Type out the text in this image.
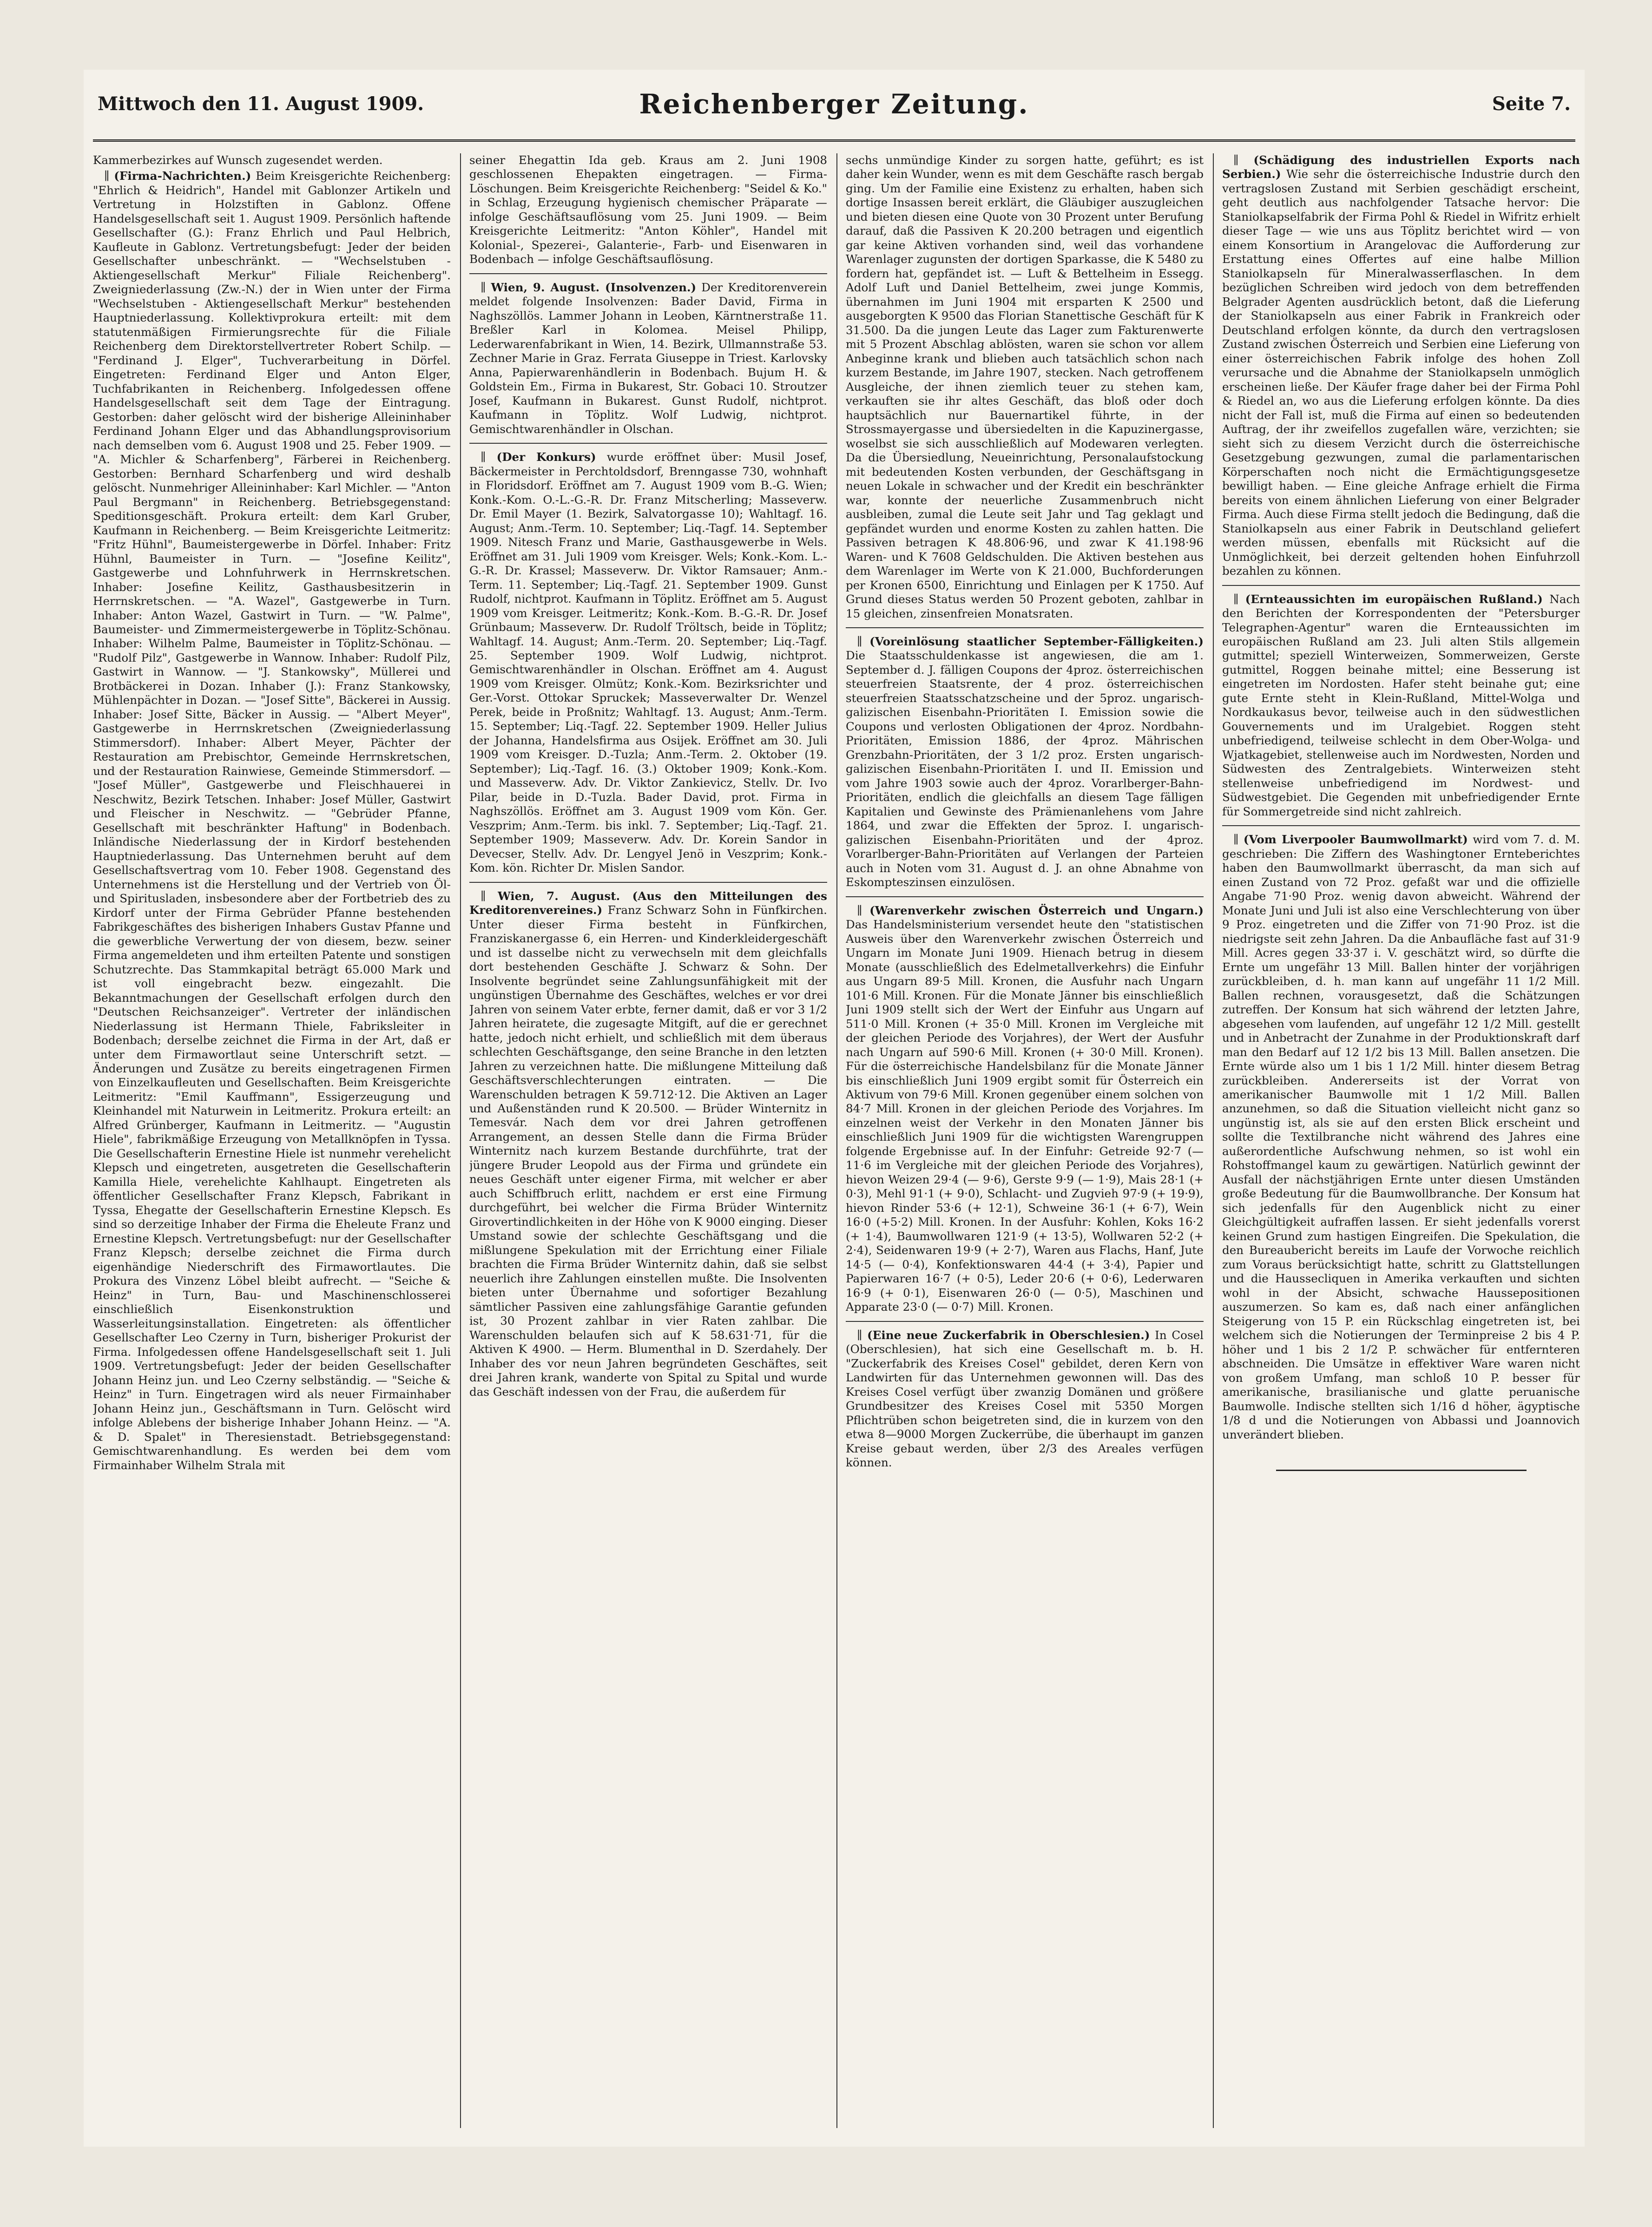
Mittwoch den 11. August 1909.	Reichenberger Zeitung.	Seite 7.

Kammerbezirkes auf Wunsch zugesendet werden.

∥ (Firma-Nachrichten.) Beim Kreisgerichte Reichenberg: "Ehrlich & Heidrich", Handel mit Gablonzer Artikeln und Vertretung in Holzstiften in Gablonz. Offene Handelsgesellschaft seit 1. August 1909. Persönlich haftende Gesellschafter (G.): Franz Ehrlich und Paul Helbrich, Kaufleute in Gablonz. Vertretungsbefugt: Jeder der beiden Gesellschafter unbeschränkt. — "Wechselstuben - Aktiengesellschaft Merkur" Filiale Reichenberg". Zweigniederlassung (Zw.-N.) der in Wien unter der Firma "Wechselstuben - Aktiengesellschaft Merkur" bestehenden Hauptniederlassung. Kollektivprokura erteilt: mit dem statutenmäßigen Firmierungsrechte für die Filiale Reichenberg dem Direktorstellvertreter Robert Schilp. — "Ferdinand J. Elger", Tuchverarbeitung in Dörfel. Eingetreten: Ferdinand Elger und Anton Elger, Tuchfabrikanten in Reichenberg. Infolgedessen offene Handelsgesellschaft seit dem Tage der Eintragung. Gestorben: daher gelöscht wird der bisherige Alleininhaber Ferdinand Johann Elger und das Abhandlungsprovisorium nach demselben vom 6. August 1908 und 25. Feber 1909. — "A. Michler & Scharfenberg", Färberei in Reichenberg. Gestorben: Bernhard Scharfenberg und wird deshalb gelöscht. Nunmehriger Alleininhaber: Karl Michler. — "Anton Paul Bergmann" in Reichenberg. Betriebsgegenstand: Speditionsgeschäft. Prokura erteilt: dem Karl Gruber, Kaufmann in Reichenberg. — Beim Kreisgerichte Leitmeritz: "Fritz Hühnl", Baumeistergewerbe in Dörfel. Inhaber: Fritz Hühnl, Baumeister in Turn. — "Josefine Keilitz", Gastgewerbe und Lohnfuhrwerk in Herrnskretschen. Inhaber: Josefine Keilitz, Gasthausbesitzerin in Herrnskretschen. — "A. Wazel", Gastgewerbe in Turn. Inhaber: Anton Wazel, Gastwirt in Turn. — "W. Palme", Baumeister- und Zimmermeistergewerbe in Töplitz-Schönau. Inhaber: Wilhelm Palme, Baumeister in Töplitz-Schönau. — "Rudolf Pilz", Gastgewerbe in Wannow. Inhaber: Rudolf Pilz, Gastwirt in Wannow. — "J. Stankowsky", Müllerei und Brotbäckerei in Dozan. Inhaber (J.): Franz Stankowsky, Mühlenpächter in Dozan. — "Josef Sitte", Bäckerei in Aussig. Inhaber: Josef Sitte, Bäcker in Aussig. — "Albert Meyer", Gastgewerbe in Herrnskretschen (Zweigniederlassung Stimmersdorf). Inhaber: Albert Meyer, Pächter der Restauration am Prebischtor, Gemeinde Herrnskretschen, und der Restauration Rainwiese, Gemeinde Stimmersdorf. — "Josef Müller", Gastgewerbe und Fleischhauerei in Neschwitz, Bezirk Tetschen. Inhaber: Josef Müller, Gastwirt und Fleischer in Neschwitz. — "Gebrüder Pfanne, Gesellschaft mit beschränkter Haftung" in Bodenbach. Inländische Niederlassung der in Kirdorf bestehenden Hauptniederlassung. Das Unternehmen beruht auf dem Gesellschaftsvertrag vom 10. Feber 1908. Gegenstand des Unternehmens ist die Herstellung und der Vertrieb von Öl- und Spiritusladen, insbesondere aber der Fortbetrieb des zu Kirdorf unter der Firma Gebrüder Pfanne bestehenden Fabrikgeschäftes des bisherigen Inhabers Gustav Pfanne und die gewerbliche Verwertung der von diesem, bezw. seiner Firma angemeldeten und ihm erteilten Patente und sonstigen Schutzrechte. Das Stammkapital beträgt 65.000 Mark und ist voll eingebracht bezw. eingezahlt. Die Bekanntmachungen der Gesellschaft erfolgen durch den "Deutschen Reichsanzeiger". Vertreter der inländischen Niederlassung ist Hermann Thiele, Fabriksleiter in Bodenbach; derselbe zeichnet die Firma in der Art, daß er unter dem Firmawortlaut seine Unterschrift setzt. — Änderungen und Zusätze zu bereits eingetragenen Firmen von Einzelkaufleuten und Gesellschaften. Beim Kreisgerichte Leitmeritz: "Emil Kauffmann", Essigerzeugung und Kleinhandel mit Naturwein in Leitmeritz. Prokura erteilt: an Alfred Grünberger, Kaufmann in Leitmeritz. — "Augustin Hiele", fabrikmäßige Erzeugung von Metallknöpfen in Tyssa. Die Gesellschafterin Ernestine Hiele ist nunmehr verehelicht Klepsch und eingetreten, ausgetreten die Gesellschafterin Kamilla Hiele, verehelichte Kahlhaupt. Eingetreten als öffentlicher Gesellschafter Franz Klepsch, Fabrikant in Tyssa, Ehegatte der Gesellschafterin Ernestine Klepsch. Es sind so derzeitige Inhaber der Firma die Eheleute Franz und Ernestine Klepsch. Vertretungsbefugt: nur der Gesellschafter Franz Klepsch; derselbe zeichnet die Firma durch eigenhändige Niederschrift des Firmawortlautes. Die Prokura des Vinzenz Löbel bleibt aufrecht. — "Seiche & Heinz" in Turn, Bau- und Maschinenschlosserei einschließlich Eisenkonstruktion und Wasserleitungsinstallation. Eingetreten: als öffentlicher Gesellschafter Leo Czerny in Turn, bisheriger Prokurist der Firma. Infolgedessen offene Handelsgesellschaft seit 1. Juli 1909. Vertretungsbefugt: Jeder der beiden Gesellschafter Johann Heinz jun. und Leo Czerny selbständig. — "Seiche & Heinz" in Turn. Eingetragen wird als neuer Firmainhaber Johann Heinz jun., Geschäftsmann in Turn. Gelöscht wird infolge Ablebens der bisherige Inhaber Johann Heinz. — "A. & D. Spalet" in Theresienstadt. Betriebsgegenstand: Gemischtwarenhandlung. Es werden bei dem vom Firmainhaber Wilhelm Strala mit

seiner Ehegattin Ida geb. Kraus am 2. Juni 1908 geschlossenen Ehepakten eingetragen. — Firma-Löschungen. Beim Kreisgerichte Reichenberg: "Seidel & Ko." in Schlag, Erzeugung hygienisch chemischer Präparate — infolge Geschäftsauflösung vom 25. Juni 1909. — Beim Kreisgerichte Leitmeritz: "Anton Köhler", Handel mit Kolonial-, Spezerei-, Galanterie-, Farb- und Eisenwaren in Bodenbach — infolge Geschäftsauflösung.

∥ Wien, 9. August. (Insolvenzen.) Der Kreditorenverein meldet folgende Insolvenzen: Bader David, Firma in Naghszöllös. Lammer Johann in Leoben, Kärntnerstraße 11. Breßler Karl in Kolomea. Meisel Philipp, Lederwarenfabrikant in Wien, 14. Bezirk, Ullmannstraße 53. Zechner Marie in Graz. Ferrata Giuseppe in Triest. Karlovsky Anna, Papierwarenhändlerin in Bodenbach. Bujum H. & Goldstein Em., Firma in Bukarest, Str. Gobaci 10. Stroutzer Josef, Kaufmann in Bukarest. Gunst Rudolf, nichtprot. Kaufmann in Töplitz. Wolf Ludwig, nichtprot. Gemischtwarenhändler in Olschan.

∥ (Der Konkurs) wurde eröffnet über: Musil Josef, Bäckermeister in Perchtoldsdorf, Brenngasse 730, wohnhaft in Floridsdorf. Eröffnet am 7. August 1909 vom B.-G. Wien; Konk.-Kom. O.-L.-G.-R. Dr. Franz Mitscherling; Masseverw. Dr. Emil Mayer (1. Bezirk, Salvatorgasse 10); Wahltagf. 16. August; Anm.-Term. 10. September; Liq.-Tagf. 14. September 1909. Nitesch Franz und Marie, Gasthausgewerbe in Wels. Eröffnet am 31. Juli 1909 vom Kreisger. Wels; Konk.-Kom. L.-G.-R. Dr. Krassel; Masseverw. Dr. Viktor Ramsauer; Anm.-Term. 11. September; Liq.-Tagf. 21. September 1909. Gunst Rudolf, nichtprot. Kaufmann in Töplitz. Eröffnet am 5. August 1909 vom Kreisger. Leitmeritz; Konk.-Kom. B.-G.-R. Dr. Josef Grünbaum; Masseverw. Dr. Rudolf Tröltsch, beide in Töplitz; Wahltagf. 14. August; Anm.-Term. 20. September; Liq.-Tagf. 25. September 1909. Wolf Ludwig, nichtprot. Gemischtwarenhändler in Olschan. Eröffnet am 4. August 1909 vom Kreisger. Olmütz; Konk.-Kom. Bezirksrichter und Ger.-Vorst. Ottokar Spruckek; Masseverwalter Dr. Wenzel Perek, beide in Proßnitz; Wahltagf. 13. August; Anm.-Term. 15. September; Liq.-Tagf. 22. September 1909. Heller Julius der Johanna, Handelsfirma aus Osijek. Eröffnet am 30. Juli 1909 vom Kreisger. D.-Tuzla; Anm.-Term. 2. Oktober (19. September); Liq.-Tagf. 16. (3.) Oktober 1909; Konk.-Kom. und Masseverw. Adv. Dr. Viktor Zankievicz, Stellv. Dr. Ivo Pilar, beide in D.-Tuzla. Bader David, prot. Firma in Naghszöllös. Eröffnet am 3. August 1909 vom Kön. Ger. Veszprim; Anm.-Term. bis inkl. 7. September; Liq.-Tagf. 21. September 1909; Masseverw. Adv. Dr. Korein Sandor in Devecser, Stellv. Adv. Dr. Lengyel Jenö in Veszprim; Konk.-Kom. kön. Richter Dr. Mislen Sandor.

∥ Wien, 7. August. (Aus den Mitteilungen des Kreditorenvereines.) Franz Schwarz Sohn in Fünfkirchen. Unter dieser Firma besteht in Fünfkirchen, Franziskanergasse 6, ein Herren- und Kinderkleidergeschäft und ist dasselbe nicht zu verwechseln mit dem gleichfalls dort bestehenden Geschäfte J. Schwarz & Sohn. Der Insolvente begründet seine Zahlungsunfähigkeit mit der ungünstigen Übernahme des Geschäftes, welches er vor drei Jahren von seinem Vater erbte, ferner damit, daß er vor 3 1/2 Jahren heiratete, die zugesagte Mitgift, auf die er gerechnet hatte, jedoch nicht erhielt, und schließlich mit dem überaus schlechten Geschäftsgange, den seine Branche in den letzten Jahren zu verzeichnen hatte. Die mißlungene Mitteilung daß Geschäftsverschlechterungen eintraten. — Die Warenschulden betragen K 59.712·12. Die Aktiven an Lager und Außenständen rund K 20.500. — Brüder Winternitz in Temesvár. Nach dem vor drei Jahren getroffenen Arrangement, an dessen Stelle dann die Firma Brüder Winternitz nach kurzem Bestande durchführte, trat der jüngere Bruder Leopold aus der Firma und gründete ein neues Geschäft unter eigener Firma, mit welcher er aber auch Schiffbruch erlitt, nachdem er erst eine Firmung durchgeführt, bei welcher die Firma Brüder Winternitz Girovertindlichkeiten in der Höhe von K 9000 einging. Dieser Umstand sowie der schlechte Geschäftsgang und die mißlungene Spekulation mit der Errichtung einer Filiale brachten die Firma Brüder Winternitz dahin, daß sie selbst neuerlich ihre Zahlungen einstellen mußte. Die Insolventen bieten unter Übernahme und sofortiger Bezahlung sämtlicher Passiven eine zahlungsfähige Garantie gefunden ist, 30 Prozent zahlbar in vier Raten zahlbar. Die Warenschulden belaufen sich auf K 58.631·71, für die Aktiven K 4900. — Herm. Blumenthal in D. Szerdahely. Der Inhaber des vor neun Jahren begründeten Geschäftes, seit drei Jahren krank, wanderte von Spital zu Spital und wurde das Geschäft indessen von der Frau, die außerdem für

sechs unmündige Kinder zu sorgen hatte, geführt; es ist daher kein Wunder, wenn es mit dem Geschäfte rasch bergab ging. Um der Familie eine Existenz zu erhalten, haben sich dortige Insassen bereit erklärt, die Gläubiger auszugleichen und bieten diesen eine Quote von 30 Prozent unter Berufung darauf, daß die Passiven K 20.200 betragen und eigentlich gar keine Aktiven vorhanden sind, weil das vorhandene Warenlager zugunsten der dortigen Sparkasse, die K 5480 zu fordern hat, gepfändet ist. — Luft & Bettelheim in Essegg. Adolf Luft und Daniel Bettelheim, zwei junge Kommis, übernahmen im Juni 1904 mit ersparten K 2500 und ausgeborgten K 9500 das Florian Stanettische Geschäft für K 31.500. Da die jungen Leute das Lager zum Fakturenwerte mit 5 Prozent Abschlag ablösten, waren sie schon vor allem Anbeginne krank und blieben auch tatsächlich schon nach kurzem Bestande, im Jahre 1907, stecken. Nach getroffenem Ausgleiche, der ihnen ziemlich teuer zu stehen kam, verkauften sie ihr altes Geschäft, das bloß oder doch hauptsächlich nur Bauernartikel führte, in der Strossmayergasse und übersiedelten in die Kapuzinergasse, woselbst sie sich ausschließlich auf Modewaren verlegten. Da die Übersiedlung, Neueinrichtung, Personalaufstockung mit bedeutenden Kosten verbunden, der Geschäftsgang in neuen Lokale in schwacher und der Kredit ein beschränkter war, konnte der neuerliche Zusammenbruch nicht ausbleiben, zumal die Leute seit Jahr und Tag geklagt und gepfändet wurden und enorme Kosten zu zahlen hatten. Die Passiven betragen K 48.806·96, und zwar K 41.198·96 Waren- und K 7608 Geldschulden. Die Aktiven bestehen aus dem Warenlager im Werte von K 21.000, Buchforderungen per Kronen 6500, Einrichtung und Einlagen per K 1750. Auf Grund dieses Status werden 50 Prozent geboten, zahlbar in 15 gleichen, zinsenfreien Monatsraten.

∥ (Voreinlösung staatlicher September-Fälligkeiten.) Die Staatsschuldenkasse ist angewiesen, die am 1. September d. J. fälligen Coupons der 4proz. österreichischen steuerfreien Staatsrente, der 4 proz. österreichischen steuerfreien Staatsschatzscheine und der 5proz. ungarisch-galizischen Eisenbahn-Prioritäten I. Emission sowie die Coupons und verlosten Obligationen der 4proz. Nordbahn-Prioritäten, Emission 1886, der 4proz. Mährischen Grenzbahn-Prioritäten, der 3 1/2 proz. Ersten ungarisch-galizischen Eisenbahn-Prioritäten I. und II. Emission und vom Jahre 1903 sowie auch der 4proz. Vorarlberger-Bahn-Prioritäten, endlich die gleichfalls an diesem Tage fälligen Kapitalien und Gewinste des Prämienanlehens vom Jahre 1864, und zwar die Effekten der 5proz. I. ungarisch-galizischen Eisenbahn-Prioritäten und der 4proz. Vorarlberger-Bahn-Prioritäten auf Verlangen der Parteien auch in Noten vom 31. August d. J. an ohne Abnahme von Eskompteszinsen einzulösen.

∥ (Warenverkehr zwischen Österreich und Ungarn.) Das Handelsministerium versendet heute den "statistischen Ausweis über den Warenverkehr zwischen Österreich und Ungarn im Monate Juni 1909. Hienach betrug in diesem Monate (ausschließlich des Edelmetallverkehrs) die Einfuhr aus Ungarn 89·5 Mill. Kronen, die Ausfuhr nach Ungarn 101·6 Mill. Kronen. Für die Monate Jänner bis einschließlich Juni 1909 stellt sich der Wert der Einfuhr aus Ungarn auf 511·0 Mill. Kronen (+ 35·0 Mill. Kronen im Vergleiche mit der gleichen Periode des Vorjahres), der Wert der Ausfuhr nach Ungarn auf 590·6 Mill. Kronen (+ 30·0 Mill. Kronen). Für die österreichische Handelsbilanz für die Monate Jänner bis einschließlich Juni 1909 ergibt somit für Österreich ein Aktivum von 79·6 Mill. Kronen gegenüber einem solchen von 84·7 Mill. Kronen in der gleichen Periode des Vorjahres. Im einzelnen weist der Verkehr in den Monaten Jänner bis einschließlich Juni 1909 für die wichtigsten Warengruppen folgende Ergebnisse auf. In der Einfuhr: Getreide 92·7 (— 11·6 im Vergleiche mit der gleichen Periode des Vorjahres), hievon Weizen 29·4 (— 9·6), Gerste 9·9 (— 1·9), Mais 28·1 (+ 0·3), Mehl 91·1 (+ 9·0), Schlacht- und Zugvieh 97·9 (+ 19·9), hievon Rinder 53·6 (+ 12·1), Schweine 36·1 (+ 6·7), Wein 16·0 (+5·2) Mill. Kronen. In der Ausfuhr: Kohlen, Koks 16·2 (+ 1·4), Baumwollwaren 121·9 (+ 13·5), Wollwaren 52·2 (+ 2·4), Seidenwaren 19·9 (+ 2·7), Waren aus Flachs, Hanf, Jute 14·5 (— 0·4), Konfektionswaren 44·4 (+ 3·4), Papier und Papierwaren 16·7 (+ 0·5), Leder 20·6 (+ 0·6), Lederwaren 16·9 (+ 0·1), Eisenwaren 26·0 (— 0·5), Maschinen und Apparate 23·0 (— 0·7) Mill. Kronen.

∥ (Eine neue Zuckerfabrik in Oberschlesien.) In Cosel (Oberschlesien), hat sich eine Gesellschaft m. b. H. "Zuckerfabrik des Kreises Cosel" gebildet, deren Kern von Landwirten für das Unternehmen gewonnen will. Das des Kreises Cosel verfügt über zwanzig Domänen und größere Grundbesitzer des Kreises Cosel mit 5350 Morgen Pflichtrüben schon beigetreten sind, die in kurzem von den etwa 8—9000 Morgen Zuckerrübe, die überhaupt im ganzen Kreise gebaut werden, über 2/3 des Areales verfügen können.

∥ (Schädigung des industriellen Exports nach Serbien.) Wie sehr die österreichische Industrie durch den vertragslosen Zustand mit Serbien geschädigt erscheint, geht deutlich aus nachfolgender Tatsache hervor: Die Staniolkapselfabrik der Firma Pohl & Riedel in Wifritz erhielt dieser Tage — wie uns aus Töplitz berichtet wird — von einem Konsortium in Arangelovac die Aufforderung zur Erstattung eines Offertes auf eine halbe Million Staniolkapseln für Mineralwasserflaschen. In dem bezüglichen Schreiben wird jedoch von dem betreffenden Belgrader Agenten ausdrücklich betont, daß die Lieferung der Staniolkapseln aus einer Fabrik in Frankreich oder Deutschland erfolgen könnte, da durch den vertragslosen Zustand zwischen Österreich und Serbien eine Lieferung von einer österreichischen Fabrik infolge des hohen Zoll verursache und die Abnahme der Staniolkapseln unmöglich erscheinen ließe. Der Käufer frage daher bei der Firma Pohl & Riedel an, wo aus die Lieferung erfolgen könnte. Da dies nicht der Fall ist, muß die Firma auf einen so bedeutenden Auftrag, der ihr zweifellos zugefallen wäre, verzichten; sie sieht sich zu diesem Verzicht durch die österreichische Gesetzgebung gezwungen, zumal die parlamentarischen Körperschaften noch nicht die Ermächtigungsgesetze bewilligt haben. — Eine gleiche Anfrage erhielt die Firma bereits von einem ähnlichen Lieferung von einer Belgrader Firma. Auch diese Firma stellt jedoch die Bedingung, daß die Staniolkapseln aus einer Fabrik in Deutschland geliefert werden müssen, ebenfalls mit Rücksicht auf die Unmöglichkeit, bei derzeit geltenden hohen Einfuhrzoll bezahlen zu können.

∥ (Ernteaussichten im europäischen Rußland.) Nach den Berichten der Korrespondenten der "Petersburger Telegraphen-Agentur" waren die Ernteaussichten im europäischen Rußland am 23. Juli alten Stils allgemein gutmittel; speziell Winterweizen, Sommerweizen, Gerste gutmittel, Roggen beinahe mittel; eine Besserung ist eingetreten im Nordosten. Hafer steht beinahe gut; eine gute Ernte steht in Klein-Rußland, Mittel-Wolga und Nordkaukasus bevor, teilweise auch in den südwestlichen Gouvernements und im Uralgebiet. Roggen steht unbefriedigend, teilweise schlecht in dem Ober-Wolga- und Wjatkagebiet, stellenweise auch im Nordwesten, Norden und Südwesten des Zentralgebiets. Winterweizen steht stellenweise unbefriedigend im Nordwest- und Südwestgebiet. Die Gegenden mit unbefriedigender Ernte für Sommergetreide sind nicht zahlreich.

∥ (Vom Liverpooler Baumwollmarkt) wird vom 7. d. M. geschrieben: Die Ziffern des Washingtoner Ernteberichtes haben den Baumwollmarkt überrascht, da man sich auf einen Zustand von 72 Proz. gefaßt war und die offizielle Angabe 71·90 Proz. wenig davon abweicht. Während der Monate Juni und Juli ist also eine Verschlechterung von über 9 Proz. eingetreten und die Ziffer von 71·90 Proz. ist die niedrigste seit zehn Jahren. Da die Anbaufläche fast auf 31·9 Mill. Acres gegen 33·37 i. V. geschätzt wird, so dürfte die Ernte um ungefähr 13 Mill. Ballen hinter der vorjährigen zurückbleiben, d. h. man kann auf ungefähr 11 1/2 Mill. Ballen rechnen, vorausgesetzt, daß die Schätzungen zutreffen. Der Konsum hat sich während der letzten Jahre, abgesehen vom laufenden, auf ungefähr 12 1/2 Mill. gestellt und in Anbetracht der Zunahme in der Produktionskraft darf man den Bedarf auf 12 1/2 bis 13 Mill. Ballen ansetzen. Die Ernte würde also um 1 bis 1 1/2 Mill. hinter diesem Betrag zurückbleiben. Andererseits ist der Vorrat von amerikanischer Baumwolle mit 1 1/2 Mill. Ballen anzunehmen, so daß die Situation vielleicht nicht ganz so ungünstig ist, als sie auf den ersten Blick erscheint und sollte die Textilbranche nicht während des Jahres eine außerordentliche Aufschwung nehmen, so ist wohl ein Rohstoffmangel kaum zu gewärtigen. Natürlich gewinnt der Ausfall der nächstjährigen Ernte unter diesen Umständen große Bedeutung für die Baumwollbranche. Der Konsum hat sich jedenfalls für den Augenblick nicht zu einer Gleichgültigkeit aufraffen lassen. Er sieht jedenfalls vorerst keinen Grund zum hastigen Eingreifen. Die Spekulation, die den Bureaubericht bereits im Laufe der Vorwoche reichlich zum Voraus berücksichtigt hatte, schritt zu Glattstellungen und die Haussecliquen in Amerika verkauften und sichten wohl in der Absicht, schwache Haussepositionen auszumerzen. So kam es, daß nach einer anfänglichen Steigerung von 15 P. ein Rückschlag eingetreten ist, bei welchem sich die Notierungen der Terminpreise 2 bis 4 P. höher und 1 bis 2 1/2 P. schwächer für entfernteren abschneiden. Die Umsätze in effektiver Ware waren nicht von großem Umfang, man schloß 10 P. besser für amerikanische, brasilianische und glatte peruanische Baumwolle. Indische stellten sich 1/16 d höher, ägyptische 1/8 d und die Notierungen von Abbassi und Joannovich unverändert blieben.
